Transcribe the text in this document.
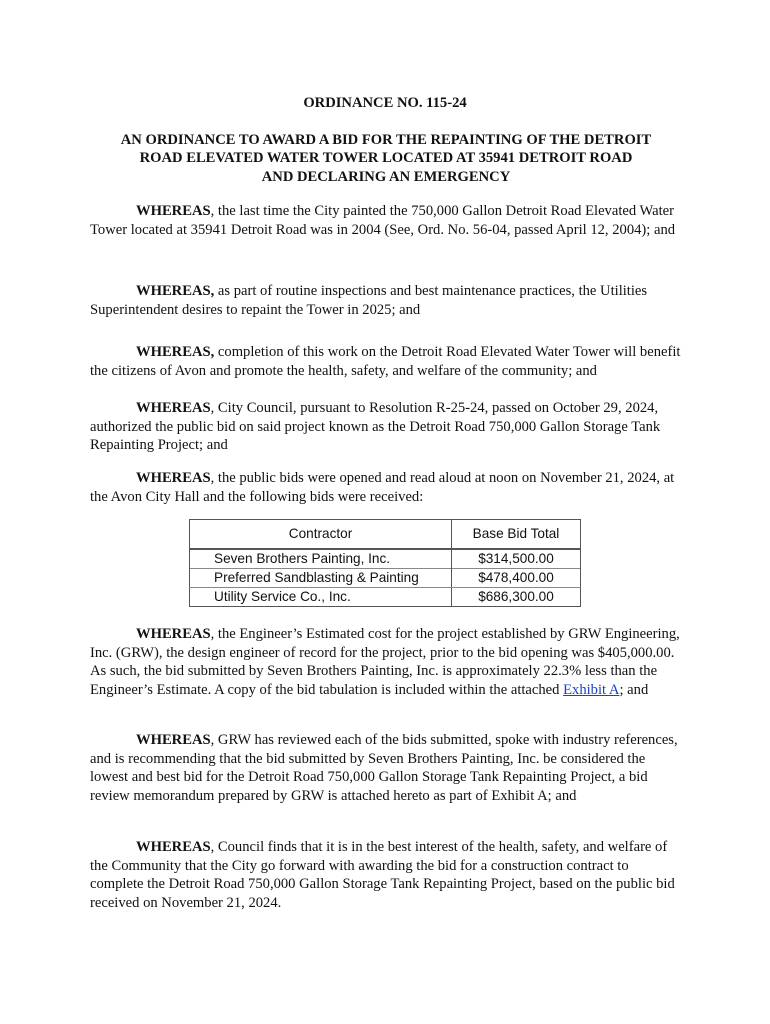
ORDINANCE NO. 115-24
AN ORDINANCE TO AWARD A BID FOR THE REPAINTING OF THE DETROIT
ROAD ELEVATED WATER TOWER LOCATED AT 35941 DETROIT ROAD
AND DECLARING AN EMERGENCY
WHEREAS, the last time the City painted the 750,000 Gallon Detroit Road Elevated Water Tower located at 35941 Detroit Road was in 2004 (See, Ord. No. 56-04, passed April 12, 2004); and
WHEREAS, as part of routine inspections and best maintenance practices, the Utilities Superintendent desires to repaint the Tower in 2025; and
WHEREAS, completion of this work on the Detroit Road Elevated Water Tower will benefit the citizens of Avon and promote the health, safety, and welfare of the community; and
WHEREAS, City Council, pursuant to Resolution R-25-24, passed on October 29, 2024, authorized the public bid on said project known as the Detroit Road 750,000 Gallon Storage Tank Repainting Project; and
WHEREAS, the public bids were opened and read aloud at noon on November 21, 2024, at the Avon City Hall and the following bids were received:
Contractor	Base Bid Total
Seven Brothers Painting, Inc.	$314,500.00
Preferred Sandblasting & Painting	$478,400.00
Utility Service Co., Inc.	$686,300.00
WHEREAS, the Engineer’s Estimated cost for the project established by GRW Engineering, Inc. (GRW), the design engineer of record for the project, prior to the bid opening was $405,000.00. As such, the bid submitted by Seven Brothers Painting, Inc. is approximately 22.3% less than the Engineer’s Estimate. A copy of the bid tabulation is included within the attached Exhibit A; and
WHEREAS, GRW has reviewed each of the bids submitted, spoke with industry references, and is recommending that the bid submitted by Seven Brothers Painting, Inc. be considered the lowest and best bid for the Detroit Road 750,000 Gallon Storage Tank Repainting Project, a bid review memorandum prepared by GRW is attached hereto as part of Exhibit A; and
WHEREAS, Council finds that it is in the best interest of the health, safety, and welfare of the Community that the City go forward with awarding the bid for a construction contract to complete the Detroit Road 750,000 Gallon Storage Tank Repainting Project, based on the public bid received on November 21, 2024.
